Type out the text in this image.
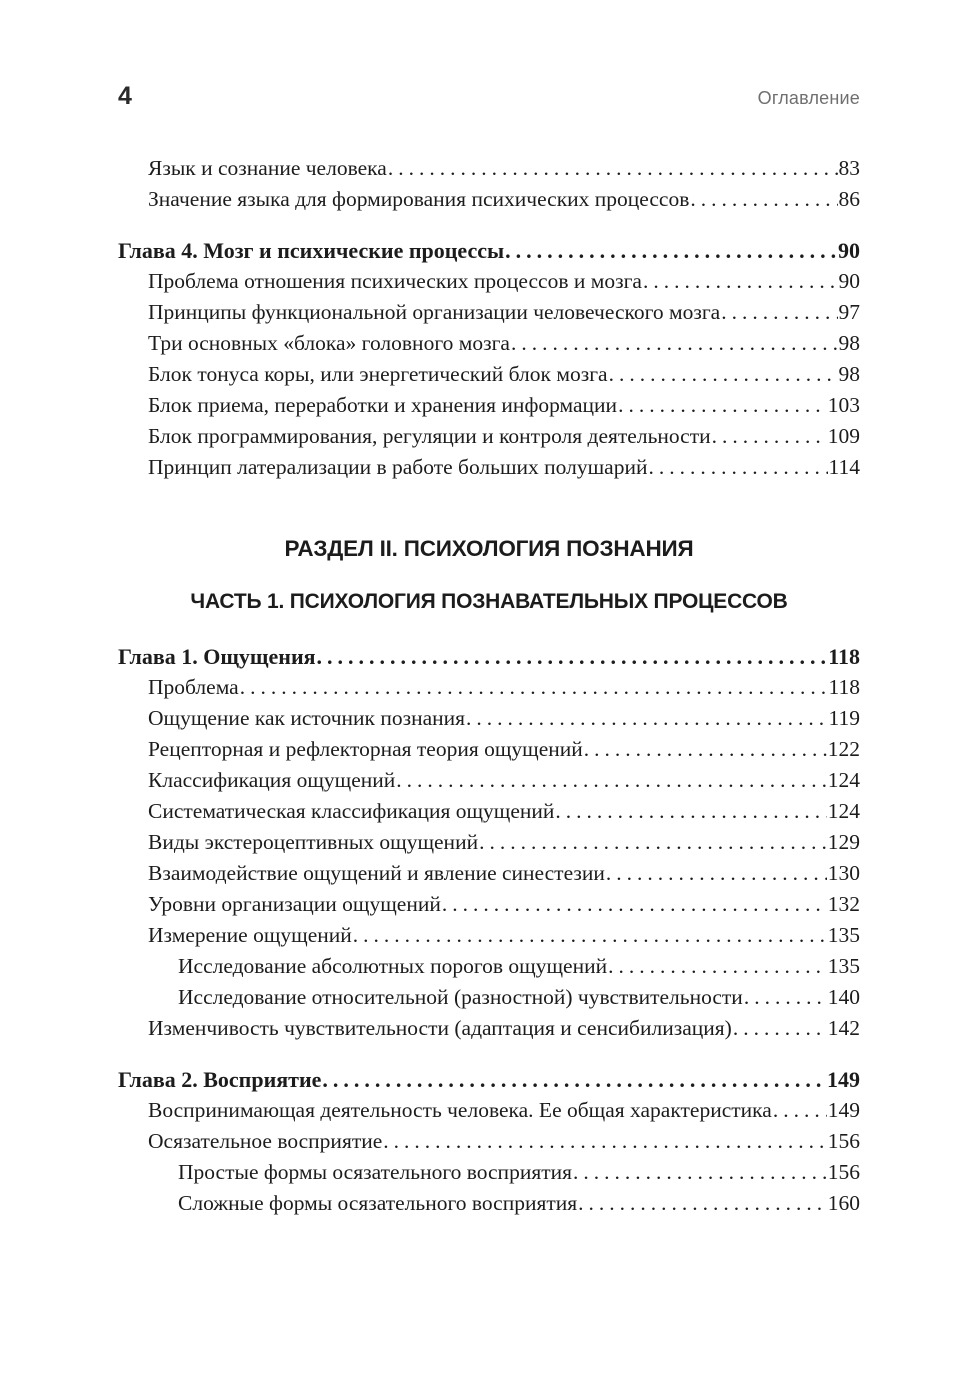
4	Оглавление
Язык и сознание человека .....	83
Значение языка для формирования психических процессов .....	86
Глава 4. Мозг и психические процессы .....	90
Проблема отношения психических процессов и мозга .....	90
Принципы функциональной организации человеческого мозга .....	97
Три основных «блока» головного мозга .....	98
Блок тонуса коры, или энергетический блок мозга .....	98
Блок приема, переработки и хранения информации .....	103
Блок программирования, регуляции и контроля деятельности .....	109
Принцип латерализации в работе больших полушарий .....	114
РАЗДЕЛ II. ПСИХОЛОГИЯ ПОЗНАНИЯ
ЧАСТЬ 1. ПСИХОЛОГИЯ ПОЗНАВАТЕЛЬНЫХ ПРОЦЕССОВ
Глава 1. Ощущения .....	118
Проблема .....	118
Ощущение как источник познания .....	119
Рецепторная и рефлекторная теория ощущений .....	122
Классификация ощущений .....	124
Систематическая классификация ощущений .....	124
Виды экстероцептивных ощущений .....	129
Взаимодействие ощущений и явление синестезии .....	130
Уровни организации ощущений .....	132
Измерение ощущений .....	135
Исследование абсолютных порогов ощущений .....	135
Исследование относительной (разностной) чувствительности .....	140
Изменчивость чувствительности (адаптация и сенсибилизация) .....	142
Глава 2. Восприятие .....	149
Воспринимающая деятельность человека. Ее общая характеристика .....	149
Осязательное восприятие .....	156
Простые формы осязательного восприятия .....	156
Сложные формы осязательного восприятия .....	160
